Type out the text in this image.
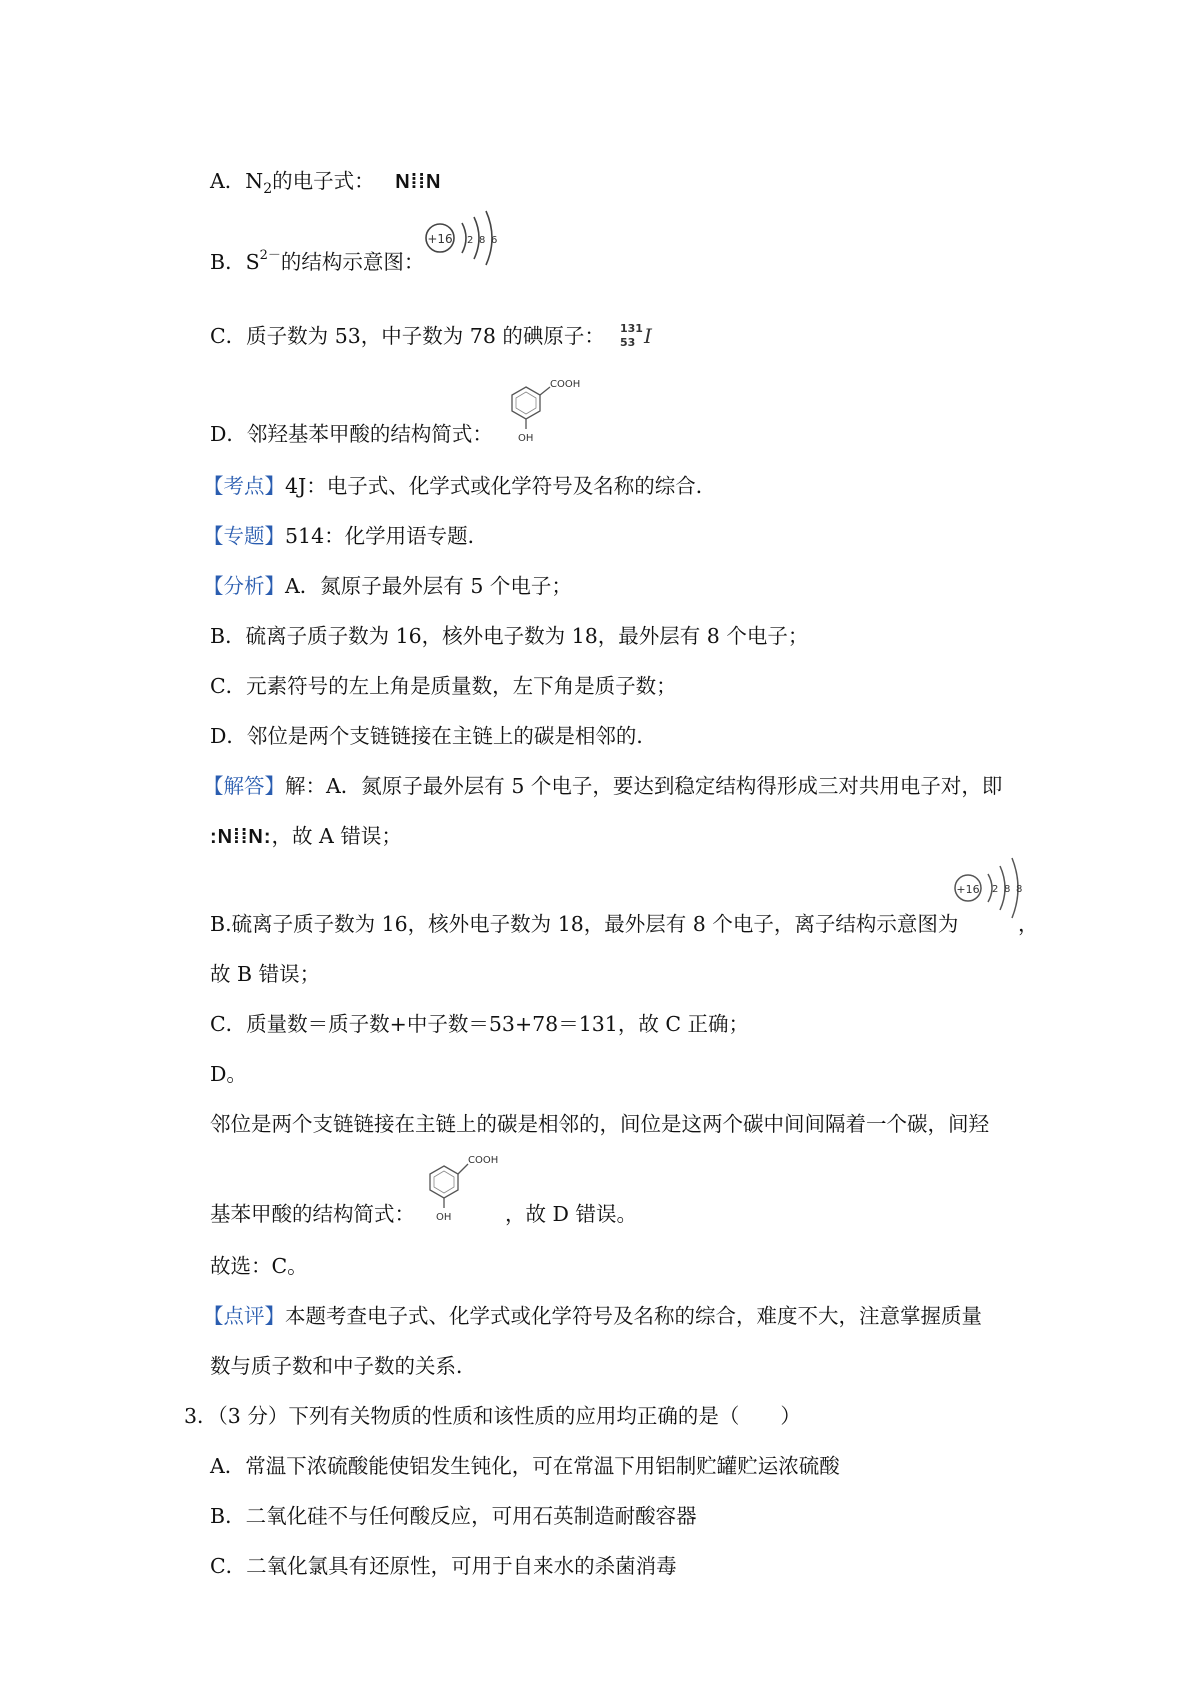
A．$N_2$的电子式： N⁞⁞N
B．$S^{2-}$的结构示意图：
+16 2 8 6
C．质子数为 53，中子数为 78 的碘原子： 131
53 I
D．邻羟基苯甲酸的结构简式：
COOH
OH
【考点】4J：电子式、化学式或化学符号及名称的综合．
【专题】514：化学用语专题．
【分析】A．氮原子最外层有 5 个电子；
B．硫离子质子数为 16，核外电子数为 18，最外层有 8 个电子；
C．元素符号的左上角是质量数，左下角是质子数；
D．邻位是两个支链链接在主链上的碳是相邻的．
【解答】解：A．氮原子最外层有 5 个电子，要达到稳定结构得形成三对共用电子对，即
:N⁞⁞N:，故 A 错误；
B.硫离子质子数为 16，核外电子数为 18，最外层有 8 个电子，离子结构示意图为
+16 2 8 8
，
故 B 错误；
C．质量数＝质子数+中子数＝53+78＝131，故 C 正确；
D。
邻位是两个支链链接在主链上的碳是相邻的，间位是这两个碳中间间隔着一个碳，间羟
基苯甲酸的结构简式：
COOH
OH	，故 D 错误。
故选：C。
【点评】本题考查电子式、化学式或化学符号及名称的综合，难度不大，注意掌握质量
数与质子数和中子数的关系．
3．（3 分）下列有关物质的性质和该性质的应用均正确的是（　　）
A．常温下浓硫酸能使铝发生钝化，可在常温下用铝制贮罐贮运浓硫酸
B．二氧化硅不与任何酸反应，可用石英制造耐酸容器
C．二氧化氯具有还原性，可用于自来水的杀菌消毒
